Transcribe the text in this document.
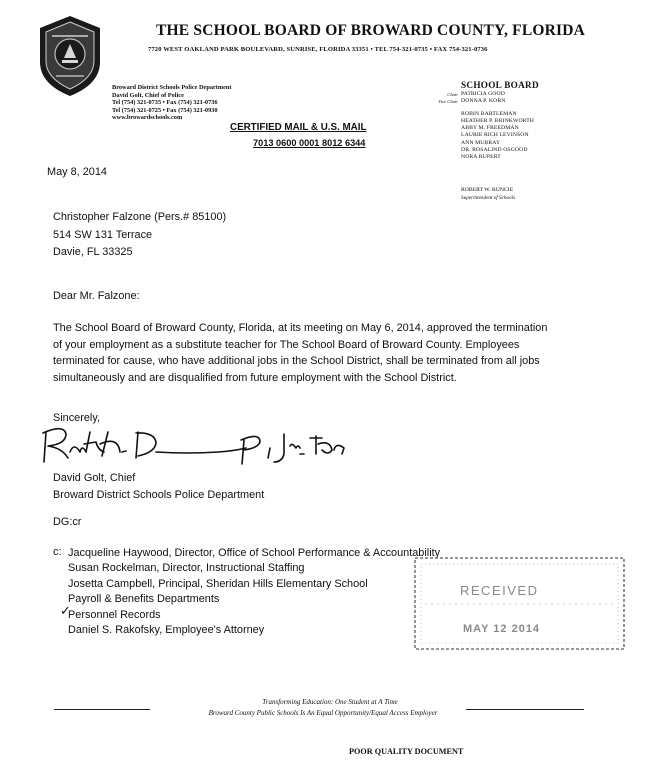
THE SCHOOL BOARD OF BROWARD COUNTY, FLORIDA
7720 WEST OAKLAND PARK BOULEVARD, SUNRISE, FLORIDA 33351 • TEL 754-321-0735 • FAX 754-321-0736
Broward District Schools Police Department
David Golt, Chief of Police
Tel (754) 321-0735 • Fax (754) 321-0736
Tel (754) 321-0725 • Fax (754) 321-0930
www.browardschools.com
CERTIFIED MAIL & U.S. MAIL
7013 0600 0001 8012 6344
SCHOOL BOARD
Chair
Vice Chair
PATRICIA GOOD
DONNA P. KORN
ROBIN BARTLEMAN
HEATHER P. BRINKWORTH
ABBY M. FREEDMAN
LAURIE RICH LEVINSON
ANN MURRAY
DR. ROSALIND OSGOOD
NORA RUPERT
ROBERT W. RUNCIE
Superintendent of Schools
May 8, 2014
Christopher Falzone (Pers.# 85100)
514 SW 131 Terrace
Davie, FL 33325
Dear Mr. Falzone:
The School Board of Broward County, Florida, at its meeting on May 6, 2014, approved the termination
of your employment as a substitute teacher for The School Board of Broward County. Employees
terminated for cause, who have additional jobs in the School District, shall be terminated from all jobs
simultaneously and are disqualified from future employment with the School District.
Sincerely,
David Golt, Chief
Broward District Schools Police Department
DG:cr
c: Jacqueline Haywood, Director, Office of School Performance & Accountability
Susan Rockelman, Director, Instructional Staffing
Josetta Campbell, Principal, Sheridan Hills Elementary School
Payroll & Benefits Departments
Personnel Records
Daniel S. Rakofsky, Employee's Attorney
✓
RECEIVED
MAY 12 2014
Transforming Education: One Student at A Time
Broward County Public Schools Is An Equal Opportunity/Equal Access Employer
POOR QUALITY DOCUMENT
